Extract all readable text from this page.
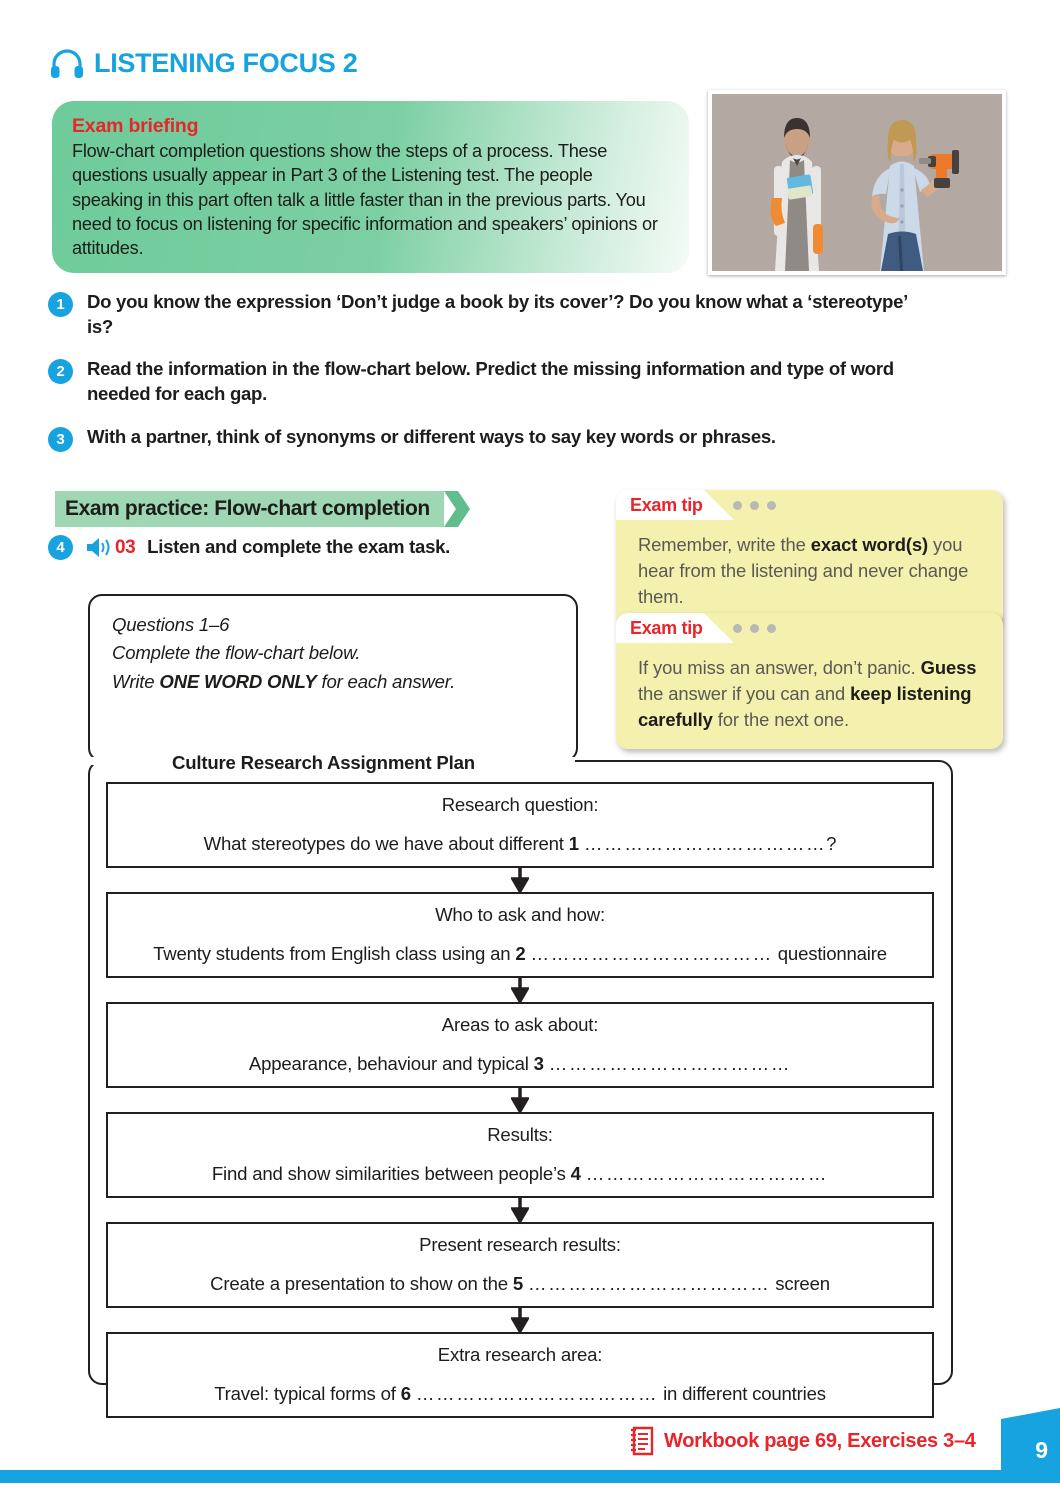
LISTENING FOCUS 2
Exam briefing
Flow-chart completion questions show the steps of a process. These questions usually appear in Part 3 of the Listening test. The people speaking in this part often talk a little faster than in the previous parts. You need to focus on listening for specific information and speakers’ opinions or attitudes.
1	Do you know the expression ‘Don’t judge a book by its cover’? Do you know what a ‘stereotype’ is?
2	Read the information in the flow-chart below. Predict the missing information and type of word needed for each gap.
3	With a partner, think of synonyms or different ways to say key words or phrases.
Exam practice: Flow-chart completion
4	03 Listen and complete the exam task.
Exam tip
Remember, write the exact word(s) you hear from the listening and never change them.
Exam tip
If you miss an answer, don’t panic. Guess the answer if you can and keep listening carefully for the next one.
Questions 1–6
Complete the flow-chart below.
Write ONE WORD ONLY for each answer.
Culture Research Assignment Plan
Research question:
What stereotypes do we have about different 1 ………………………………?
Who to ask and how:
Twenty students from English class using an 2 ……………………………… questionnaire
Areas to ask about:
Appearance, behaviour and typical 3 ………………………………
Results:
Find and show similarities between people’s 4 ………………………………
Present research results:
Create a presentation to show on the 5 ……………………………… screen
Extra research area:
Travel: typical forms of 6 ……………………………… in different countries
Workbook page 69, Exercises 3–4	9
